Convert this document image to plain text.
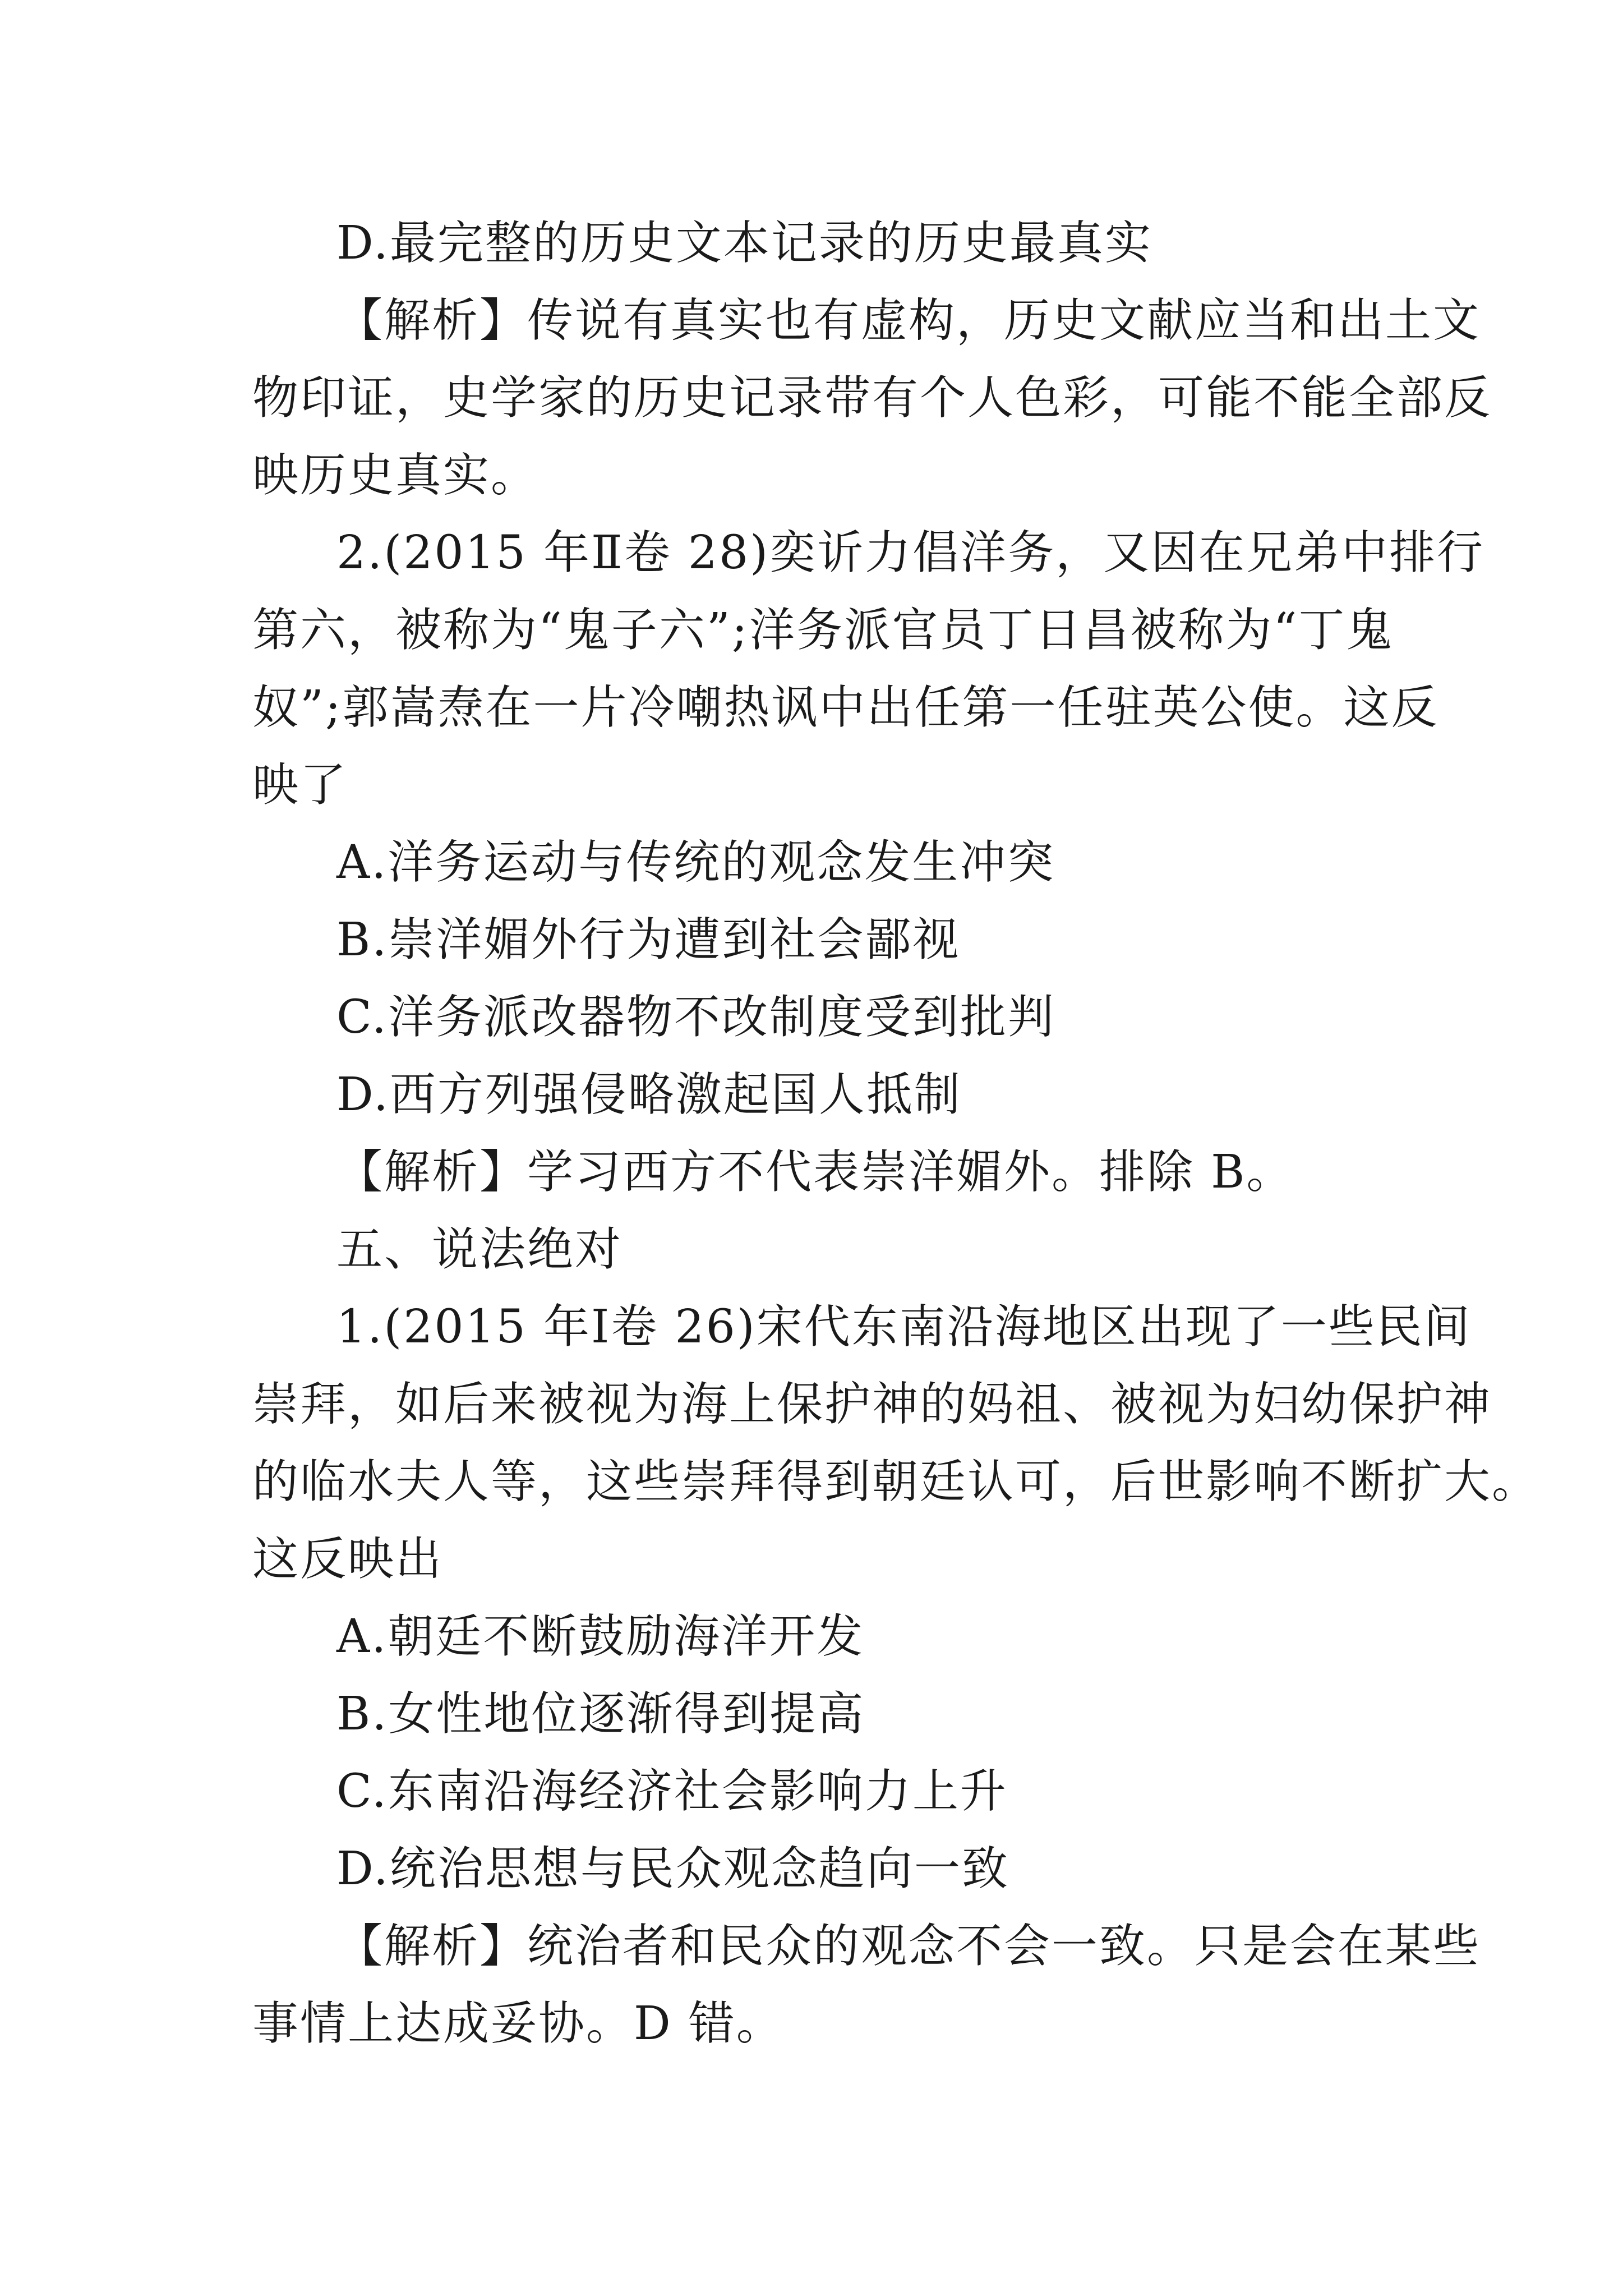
D.最完整的历史文本记录的历史最真实
【解析】传说有真实也有虚构，历史文献应当和出土文
物印证，史学家的历史记录带有个人色彩，可能不能全部反
映历史真实。
2.(2015 年Ⅱ卷 28)奕䜣力倡洋务，又因在兄弟中排行
第六，被称为“鬼子六”;洋务派官员丁日昌被称为“丁鬼
奴”;郭嵩焘在一片冷嘲热讽中出任第一任驻英公使。这反
映了
A.洋务运动与传统的观念发生冲突
B.崇洋媚外行为遭到社会鄙视
C.洋务派改器物不改制度受到批判
D.西方列强侵略激起国人抵制
【解析】学习西方不代表崇洋媚外。排除 B。
五、说法绝对
1.(2015 年Ⅰ卷 26)宋代东南沿海地区出现了一些民间
崇拜，如后来被视为海上保护神的妈祖、被视为妇幼保护神
的临水夫人等，这些崇拜得到朝廷认可，后世影响不断扩大。
这反映出
A.朝廷不断鼓励海洋开发
B.女性地位逐渐得到提高
C.东南沿海经济社会影响力上升
D.统治思想与民众观念趋向一致
【解析】统治者和民众的观念不会一致。只是会在某些
事情上达成妥协。D 错。
